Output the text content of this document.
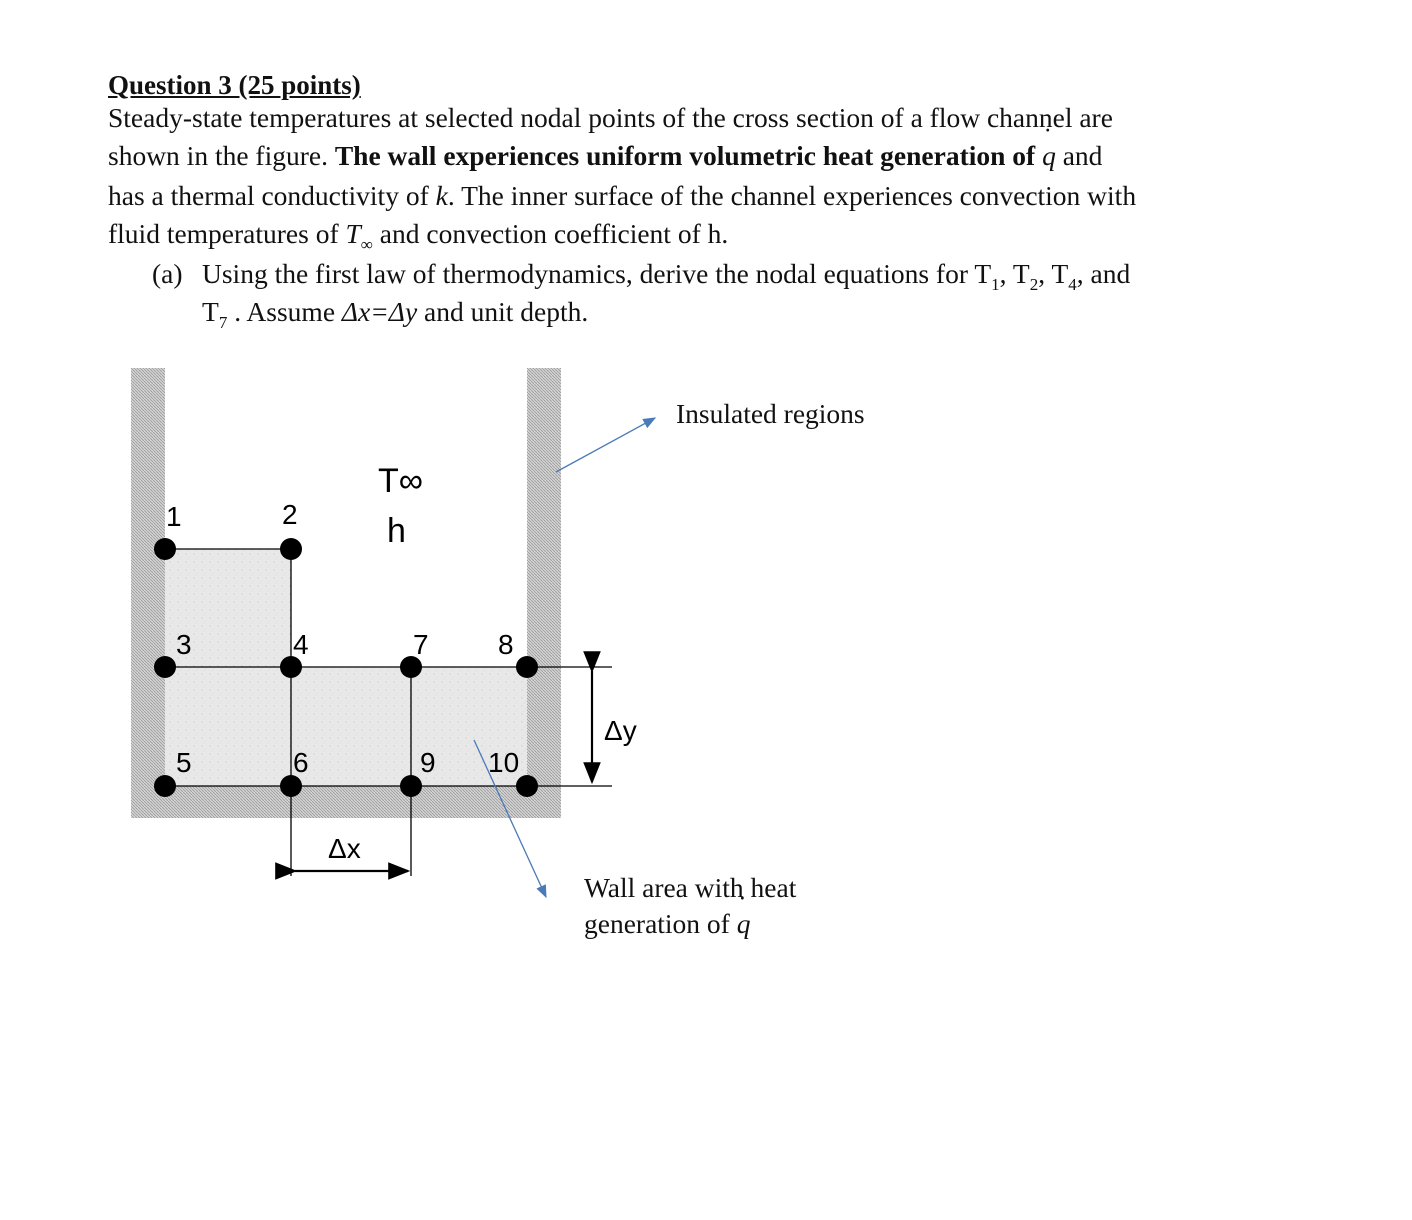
Question 3 (25 points)
Steady-state temperatures at selected nodal points of the cross section of a flow channel are
shown in the figure. The wall experiences uniform volumetric heat generation of q ˙ and
has a thermal conductivity of k. The inner surface of the channel experiences convection with
fluid temperatures of $T_\infty$ and convection coefficient of h.
(a) Using the first law of thermodynamics, derive the nodal equations for $T_1$, $T_2$, $T_4$, and
$T_7$ . Assume Δx=Δy and unit depth.
1	2
3	4	7 8
5	6	9 10
T∞
h
Δx
Δy
Insulated regions
Wall area with heat
generation of q ˙
